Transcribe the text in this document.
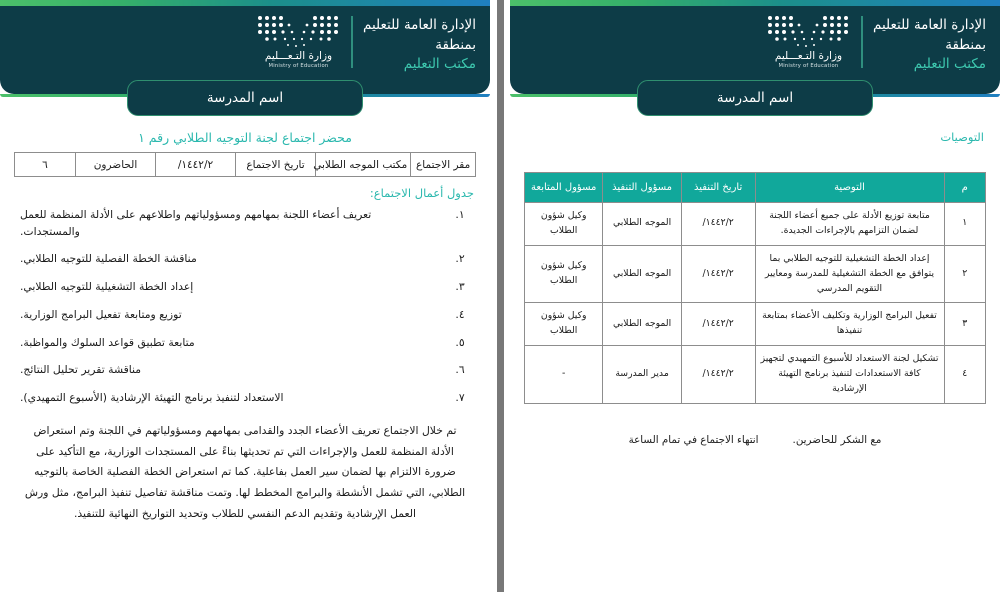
الإدارة العامة للتعليم
بمنطقة
مكتب التعليم
وزارة التـعـــليم
Ministry of Education
اسم المدرسة
التوصيات
م	التوصية	تاريخ التنفيذ	مسؤول التنفيذ	مسؤول المتابعة
١	متابعة توزيع الأدلة على جميع أعضاء اللجنة لضمان التزامهم بالإجراءات الجديدة.	١٤٤٢/٢/	الموجه الطلابي	وكيل شؤون الطلاب
٢	إعداد الخطة التشغيلية للتوجيه الطلابي بما يتوافق مع الخطة التشغيلية للمدرسة ومعايير التقويم المدرسي	١٤٤٢/٢/	الموجه الطلابي	وكيل شؤون الطلاب
٣	تفعيل البرامج الوزارية وتكليف الأعضاء بمتابعة تنفيذها	١٤٤٢/٢/	الموجه الطلابي	وكيل شؤون الطلاب
٤	تشكيل لجنة الاستعداد للأسبوع التمهيدي لتجهيز كافة الاستعدادات لتنفيذ برنامج التهيئة الإرشادية	١٤٤٢/٢/	مدير المدرسة	-
مع الشكر للحاضرين.
انتهاء الاجتماع في تمام الساعة
الإدارة العامة للتعليم
بمنطقة
مكتب التعليم
وزارة التـعـــليم
Ministry of Education
اسم المدرسة
محضر اجتماع لجنة التوجيه الطلابي رقم ١
مقر الاجتماع	مكتب الموجه الطلابي	تاريخ الاجتماع	١٤٤٢/٢/	الحاضرون	٦
جدول أعمال الاجتماع:
١.
تعريف أعضاء اللجنة بمهامهم ومسؤولياتهم واطلاعهم على الأدلة المنظمة للعمل والمستجدات.
٢.
مناقشة الخطة الفصلية للتوجيه الطلابي.
٣.
إعداد الخطة التشغيلية للتوجيه الطلابي.
٤.
توزيع ومتابعة تفعيل البرامج الوزارية.
٥.
متابعة تطبيق قواعد السلوك والمواظبة.
٦.
مناقشة تقرير تحليل النتائج.
٧.
الاستعداد لتنفيذ برنامج التهيئة الإرشادية (الأسبوع التمهيدي).

تم خلال الاجتماع تعريف الأعضاء الجدد والقدامى بمهامهم ومسؤولياتهم في اللجنة وتم استعراض الأدلة المنظمة للعمل والإجراءات التي تم تحديثها بناءً على المستجدات الوزارية، مع التأكيد على ضرورة الالتزام بها لضمان سير العمل بفاعلية. كما تم استعراض الخطة الفصلية الخاصة بالتوجيه الطلابي، التي تشمل الأنشطة والبرامج المخطط لها. وتمت مناقشة تفاصيل تنفيذ البرامج، مثل ورش العمل الإرشادية وتقديم الدعم النفسي للطلاب وتحديد التواريخ النهائية للتنفيذ.
